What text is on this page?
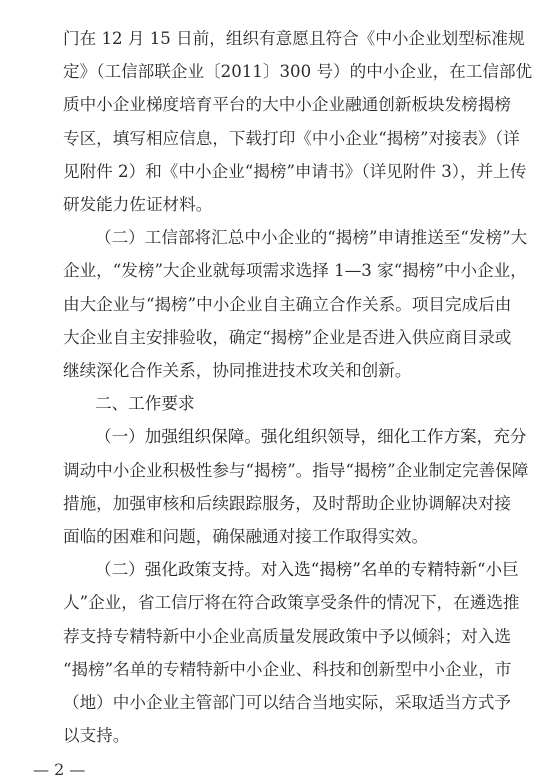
门在 12 月 15 日前，组织有意愿且符合《中小企业划型标准规
定》（工信部联企业〔2011〕300 号）的中小企业，在工信部优
质中小企业梯度培育平台的大中小企业融通创新板块发榜揭榜
专区，填写相应信息，下载打印《中小企业“揭榜”对接表》（详
见附件 2）和《中小企业“揭榜”申请书》（详见附件 3），并上传
研发能力佐证材料。
（二）工信部将汇总中小企业的“揭榜”申请推送至“发榜”大
企业，“发榜”大企业就每项需求选择 1—3 家“揭榜”中小企业，
由大企业与“揭榜”中小企业自主确立合作关系。项目完成后由
大企业自主安排验收，确定“揭榜”企业是否进入供应商目录或
继续深化合作关系，协同推进技术攻关和创新。
二、工作要求
（一）加强组织保障。强化组织领导，细化工作方案，充分
调动中小企业积极性参与“揭榜”。指导“揭榜”企业制定完善保障
措施，加强审核和后续跟踪服务，及时帮助企业协调解决对接
面临的困难和问题，确保融通对接工作取得实效。
（二）强化政策支持。对入选“揭榜”名单的专精特新“小巨
人”企业，省工信厅将在符合政策享受条件的情况下，在遴选推
荐支持专精特新中小企业高质量发展政策中予以倾斜；对入选
— 2 —
“揭榜”名单的专精特新中小企业、科技和创新型中小企业，市
（地）中小企业主管部门可以结合当地实际，采取适当方式予
以支持。
